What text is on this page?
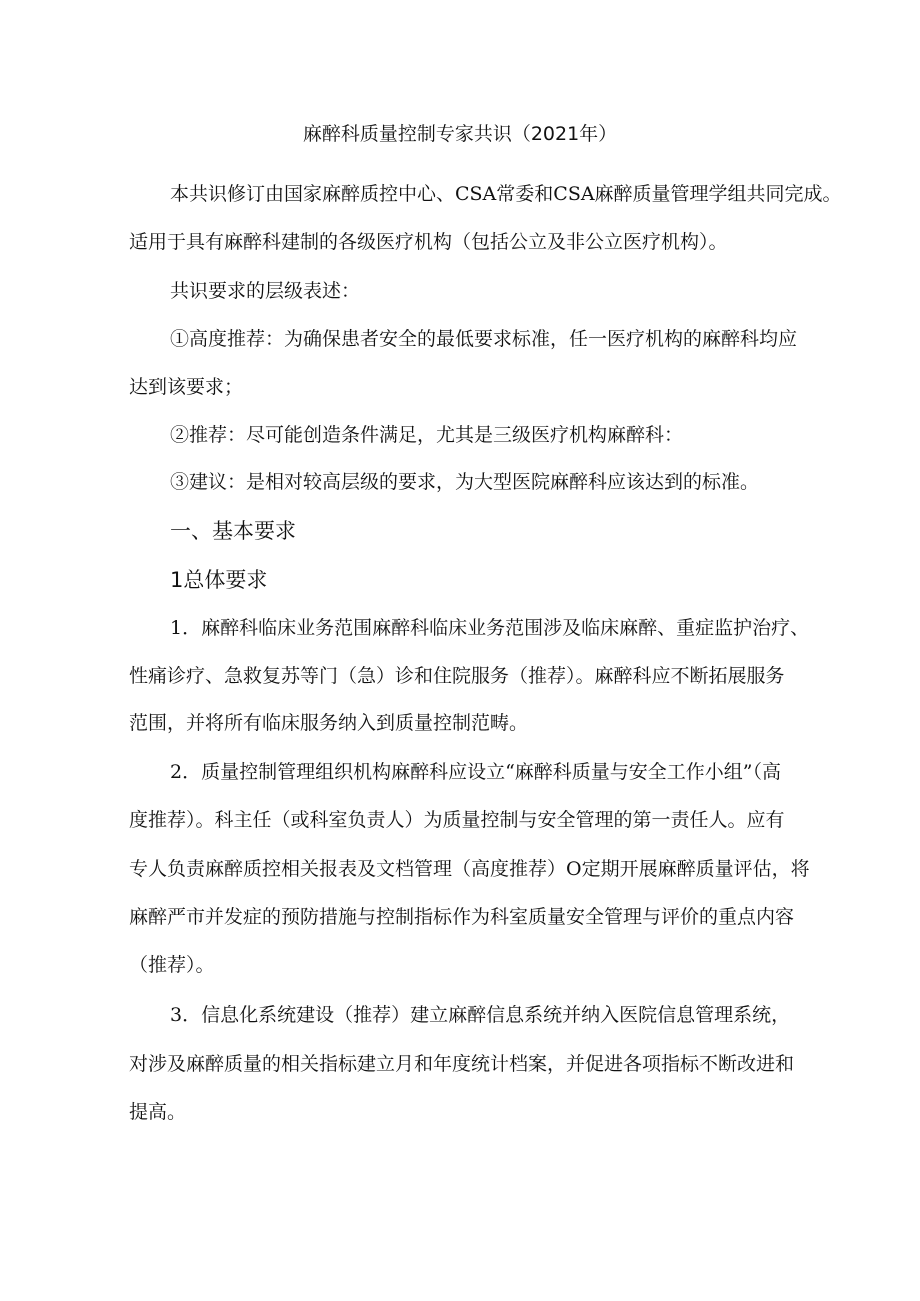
麻醉科质量控制专家共识（2021年）
本共识修订由国家麻醉质控中心、CSA常委和CSA麻醉质量管理学组共同完成。
适用于具有麻醉科建制的各级医疗机构（包括公立及非公立医疗机构）。
共识要求的层级表述：
①高度推荐：为确保患者安全的最低要求标准，任一医疗机构的麻醉科均应
达到该要求；
②推荐：尽可能创造条件满足，尤其是三级医疗机构麻醉科：
③建议：是相对较高层级的要求，为大型医院麻醉科应该达到的标准。
一、基本要求
1总体要求
1．麻醉科临床业务范围麻醉科临床业务范围涉及临床麻醉、重症监护治疗、
性痛诊疗、急救复苏等门（急）诊和住院服务（推荐）。麻醉科应不断拓展服务
范围，并将所有临床服务纳入到质量控制范畴。
2．质量控制管理组织机构麻醉科应设立“麻醉科质量与安全工作小组”（高
度推荐）。科主任（或科室负责人）为质量控制与安全管理的第一责任人。应有
专人负责麻醉质控相关报表及文档管理（高度推荐）O定期开展麻醉质量评估，将
麻醉严市并发症的预防措施与控制指标作为科室质量安全管理与评价的重点内容
（推荐）。
3．信息化系统建设（推荐）建立麻醉信息系统并纳入医院信息管理系统，
对涉及麻醉质量的相关指标建立月和年度统计档案，并促进各项指标不断改进和
提高。
